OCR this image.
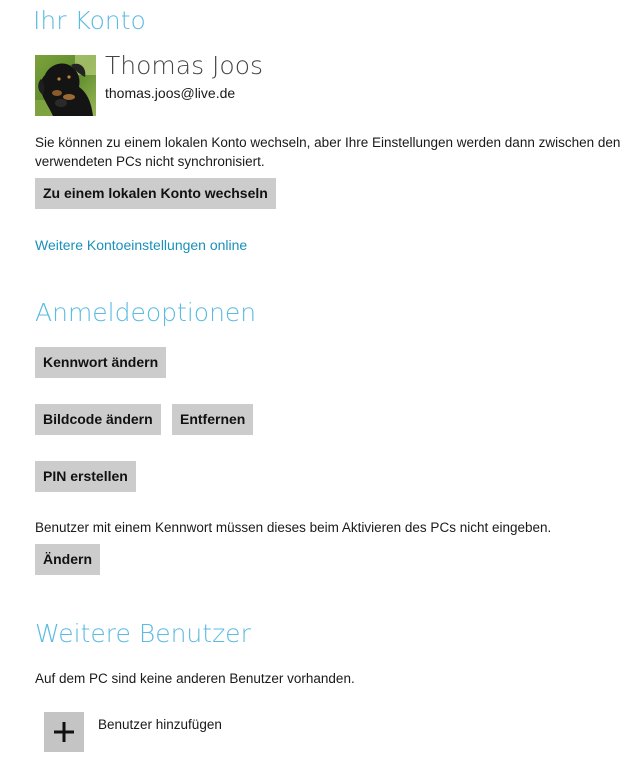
Ihr Konto
Thomas Joos
thomas.joos@live.de
Sie können zu einem lokalen Konto wechseln, aber Ihre Einstellungen werden dann zwischen den verwendeten PCs nicht synchronisiert.
Zu einem lokalen Konto wechseln
Weitere Kontoeinstellungen online
Anmeldeoptionen
Kennwort ändern
Bildcode ändern	Entfernen
PIN erstellen
Benutzer mit einem Kennwort müssen dieses beim Aktivieren des PCs nicht eingeben.
Ändern
Weitere Benutzer
Auf dem PC sind keine anderen Benutzer vorhanden.
Benutzer hinzufügen
